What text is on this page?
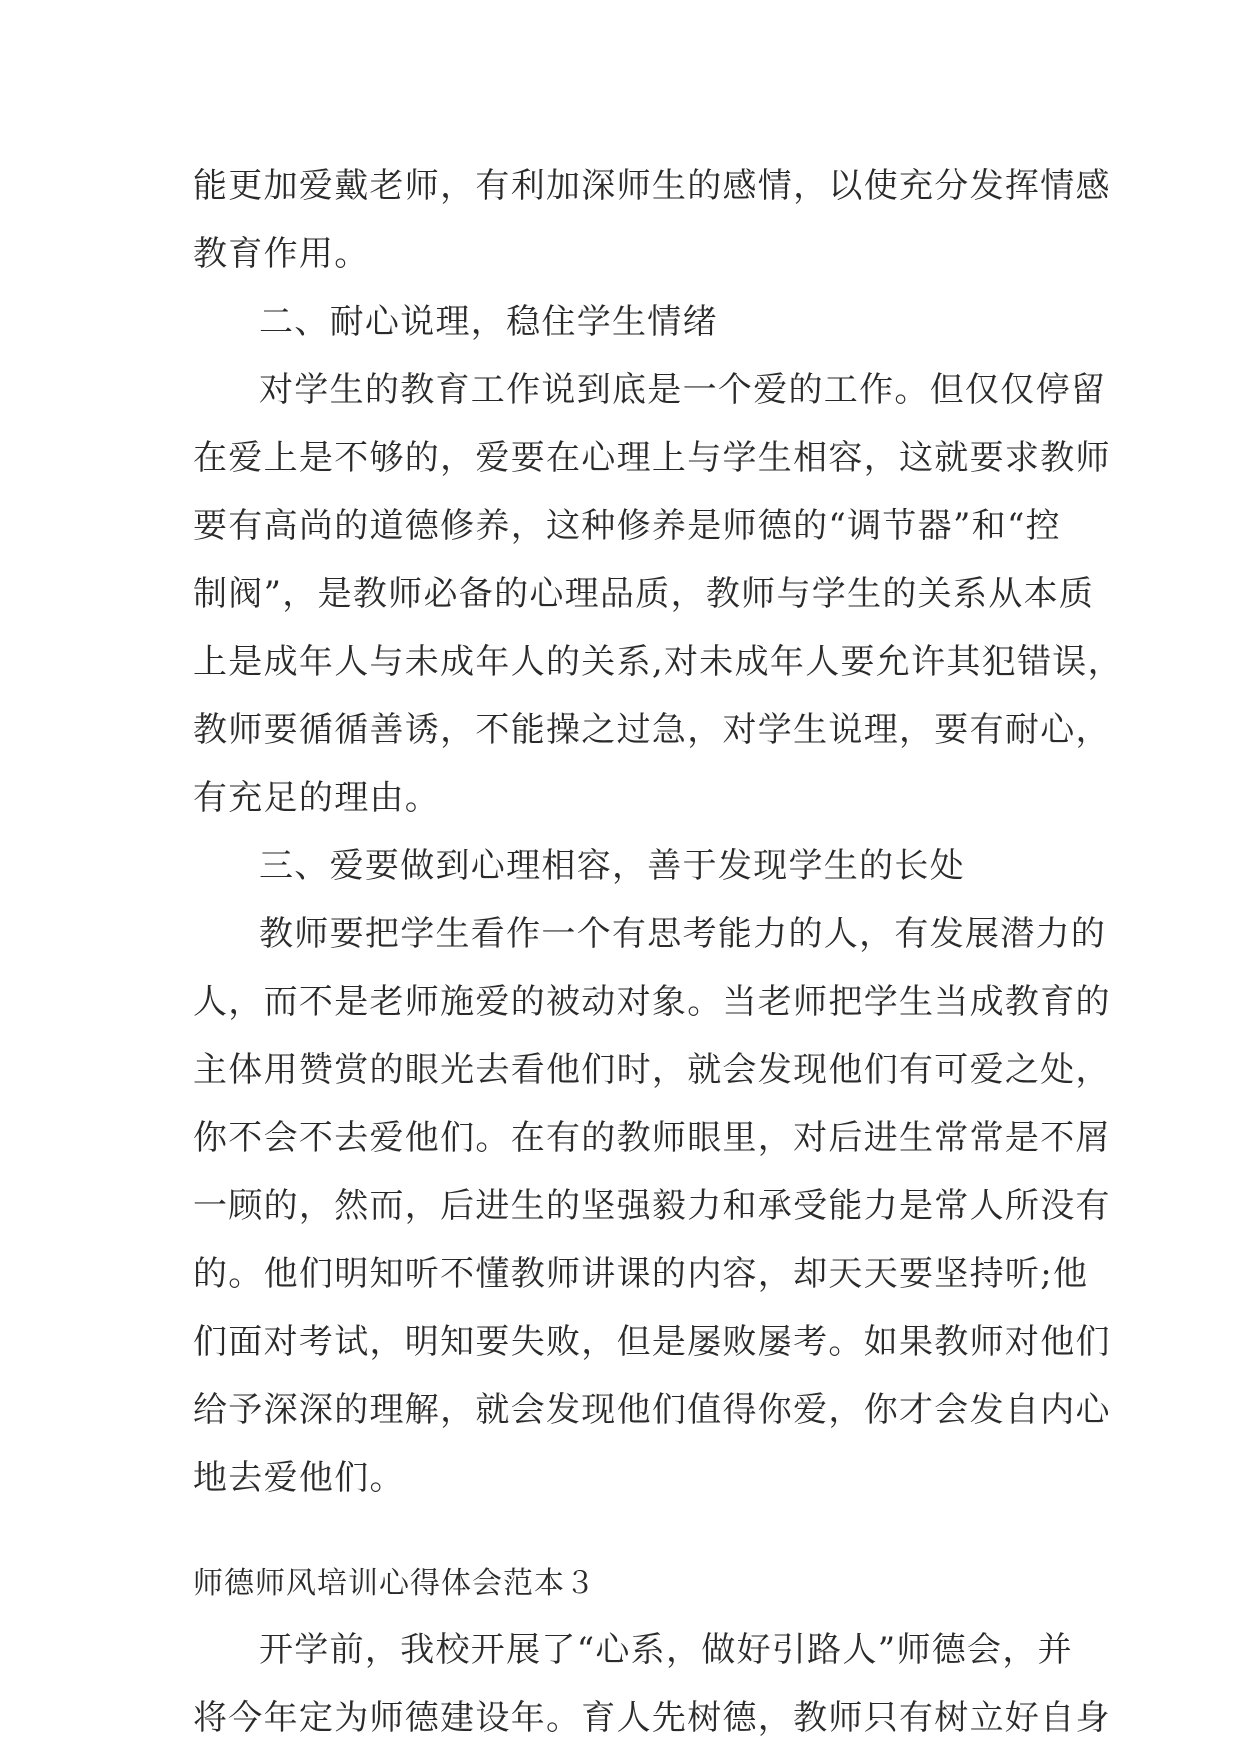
能更加爱戴老师，有利加深师生的感情，以使充分发挥情感
教育作用。
二、耐心说理，稳住学生情绪
对学生的教育工作说到底是一个爱的工作。但仅仅停留
在爱上是不够的，爱要在心理上与学生相容，这就要求教师
要有高尚的道德修养，这种修养是师德的“调节器”和“控
制阀”，是教师必备的心理品质，教师与学生的关系从本质
上是成年人与未成年人的关系,对未成年人要允许其犯错误，
教师要循循善诱，不能操之过急，对学生说理，要有耐心，
有充足的理由。
三、爱要做到心理相容，善于发现学生的长处
教师要把学生看作一个有思考能力的人，有发展潜力的
人，而不是老师施爱的被动对象。当老师把学生当成教育的
主体用赞赏的眼光去看他们时，就会发现他们有可爱之处，
你不会不去爱他们。在有的教师眼里，对后进生常常是不屑
一顾的，然而，后进生的坚强毅力和承受能力是常人所没有
的。他们明知听不懂教师讲课的内容，却天天要坚持听;他
们面对考试，明知要失败，但是屡败屡考。如果教师对他们
给予深深的理解，就会发现他们值得你爱，你才会发自内心
地去爱他们。
师德师风培训心得体会范本３
开学前，我校开展了“心系，做好引路人”师德会，并
将今年定为师德建设年。育人先树德，教师只有树立好自身
